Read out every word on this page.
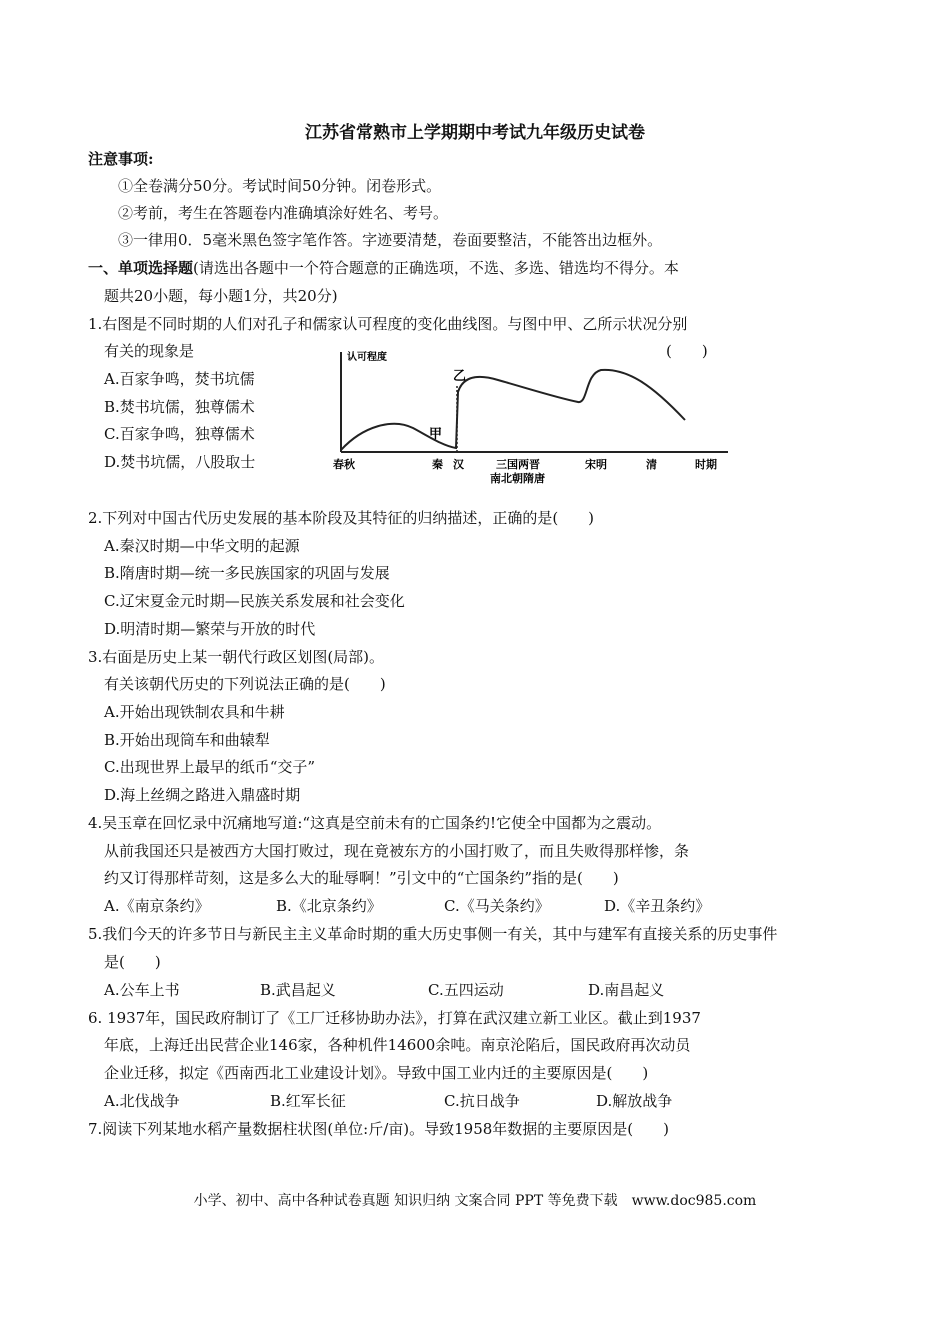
江苏省常熟市上学期期中考试九年级历史试卷
注意事项:
①全卷满分50分。考试时间50分钟。闭卷形式。
②考前，考生在答题卷内准确填涂好姓名、考号。
③一律用0．5毫米黑色签字笔作答。字迹要清楚，卷面要整洁，不能答出边框外。
一、单项选择题(请选出各题中一个符合题意的正确选项，不选、多选、错选均不得分。本
题共20小题，每小题1分，共20分)
1.右图是不同时期的人们对孔子和儒家认可程度的变化曲线图。与图中甲、乙所示状况分别
有关的现象是	(　　)
A.百家争鸣，焚书坑儒
B.焚书坑儒，独尊儒术
C.百家争鸣，独尊儒术
D.焚书坑儒，八股取士
认可程度
甲
乙
春秋	秦 汉	三国两晋
南北朝隋唐
宋明	清	时期
2.下列对中国古代历史发展的基本阶段及其特征的归纳描述，正确的是(　　)
A.秦汉时期—中华文明的起源
B.隋唐时期—统一多民族国家的巩固与发展
C.辽宋夏金元时期—民族关系发展和社会变化
D.明清时期—繁荣与开放的时代
3.右面是历史上某一朝代行政区划图(局部)。
有关该朝代历史的下列说法正确的是(　　)
A.开始出现铁制农具和牛耕
B.开始出现筒车和曲辕犁
C.出现世界上最早的纸币“交子”
D.海上丝绸之路进入鼎盛时期
4.吴玉章在回忆录中沉痛地写道:“这真是空前未有的亡国条约!它使全中国都为之震动。
从前我国还只是被西方大国打败过，现在竟被东方的小国打败了，而且失败得那样惨，条
约又订得那样苛刻，这是多么大的耻辱啊！”引文中的“亡国条约”指的是(　　)
A.《南京条约》	B.《北京条约》	C.《马关条约》	D.《辛丑条约》
5.我们今天的许多节日与新民主主义革命时期的重大历史事侧一有关，其中与建军有直接关系的历史事件
是(　　)
A.公车上书	B.武昌起义	C.五四运动	D.南昌起义
6. 1937年，国民政府制订了《工厂迁移协助办法》，打算在武汉建立新工业区。截止到1937
年底，上海迁出民营企业146家，各种机件14600余吨。南京沦陷后，国民政府再次动员
企业迁移，拟定《西南西北工业建设计划》。导致中国工业内迁的主要原因是(　　)
A.北伐战争	B.红军长征	C.抗日战争	D.解放战争
7.阅读下列某地水稻产量数据柱状图(单位:斤/亩)。导致1958年数据的主要原因是(　　)
小学、初中、高中各种试卷真题 知识归纳 文案合同 PPT 等免费下载　www.doc985.com
